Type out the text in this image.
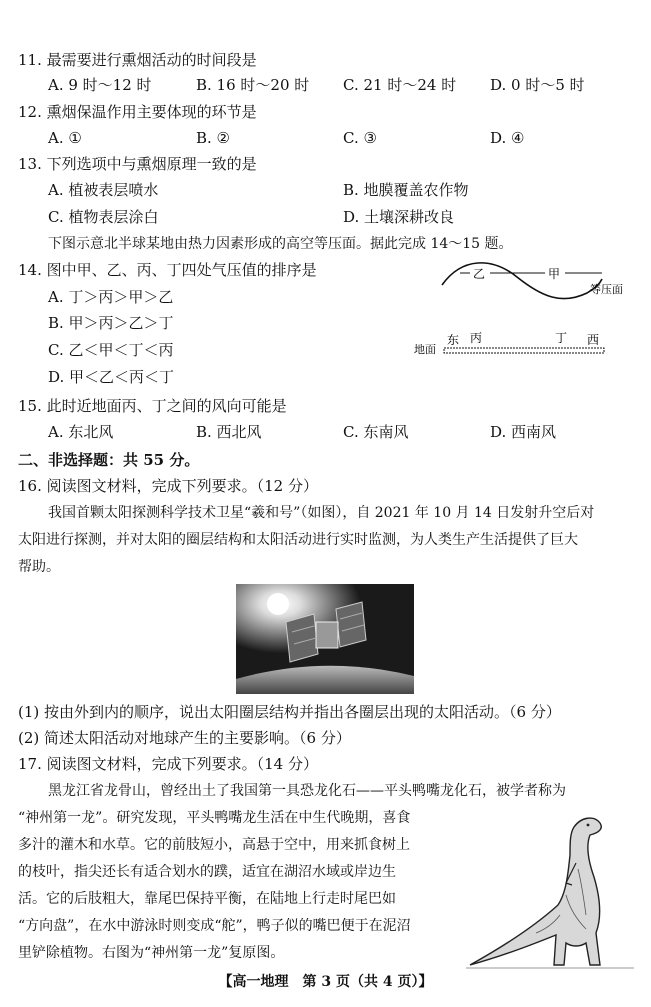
11. 最需要进行熏烟活动的时间段是
A. 9 时～12 时	B. 16 时～20 时 C. 21 时～24 时 D. 0 时～5 时
12. 熏烟保温作用主要体现的环节是
A. ①	B. ②	C. ③	D. ④
13. 下列选项中与熏烟原理一致的是
A. 植被表层喷水	B. 地膜覆盖农作物
C. 植物表层涂白	D. 土壤深耕改良
下图示意北半球某地由热力因素形成的高空等压面。据此完成 14～15 题。
14. 图中甲、乙、丙、丁四处气压值的排序是
A. 丁＞丙＞甲＞乙
B. 甲＞丙＞乙＞丁
C. 乙＜甲＜丁＜丙
D. 甲＜乙＜丙＜丁
乙	甲
等压面
东 丙	丁 西
地面
15. 此时近地面丙、丁之间的风向可能是
A. 东北风	B. 西北风	C. 东南风	D. 西南风
二、非选择题：共 55 分。
16. 阅读图文材料，完成下列要求。（12 分）
我国首颗太阳探测科学技术卫星“羲和号”（如图），自 2021 年 10 月 14 日发射升空后对
太阳进行探测，并对太阳的圈层结构和太阳活动进行实时监测，为人类生产生活提供了巨大
帮助。
(1) 按由外到内的顺序，说出太阳圈层结构并指出各圈层出现的太阳活动。（6 分）
(2) 简述太阳活动对地球产生的主要影响。（6 分）
17. 阅读图文材料，完成下列要求。（14 分）
黑龙江省龙骨山，曾经出土了我国第一具恐龙化石——平头鸭嘴龙化石，被学者称为
“神州第一龙”。研究发现，平头鸭嘴龙生活在中生代晚期，喜食
多汁的灌木和水草。它的前肢短小，高悬于空中，用来抓食树上
的枝叶，指尖还长有适合划水的蹼，适宜在湖沼水域或岸边生
活。它的后肢粗大，靠尾巴保持平衡，在陆地上行走时尾巴如
“方向盘”，在水中游泳时则变成“舵”，鸭子似的嘴巴便于在泥沼
里铲除植物。右图为“神州第一龙”复原图。
【高一地理　第 3 页（共 4 页）】
